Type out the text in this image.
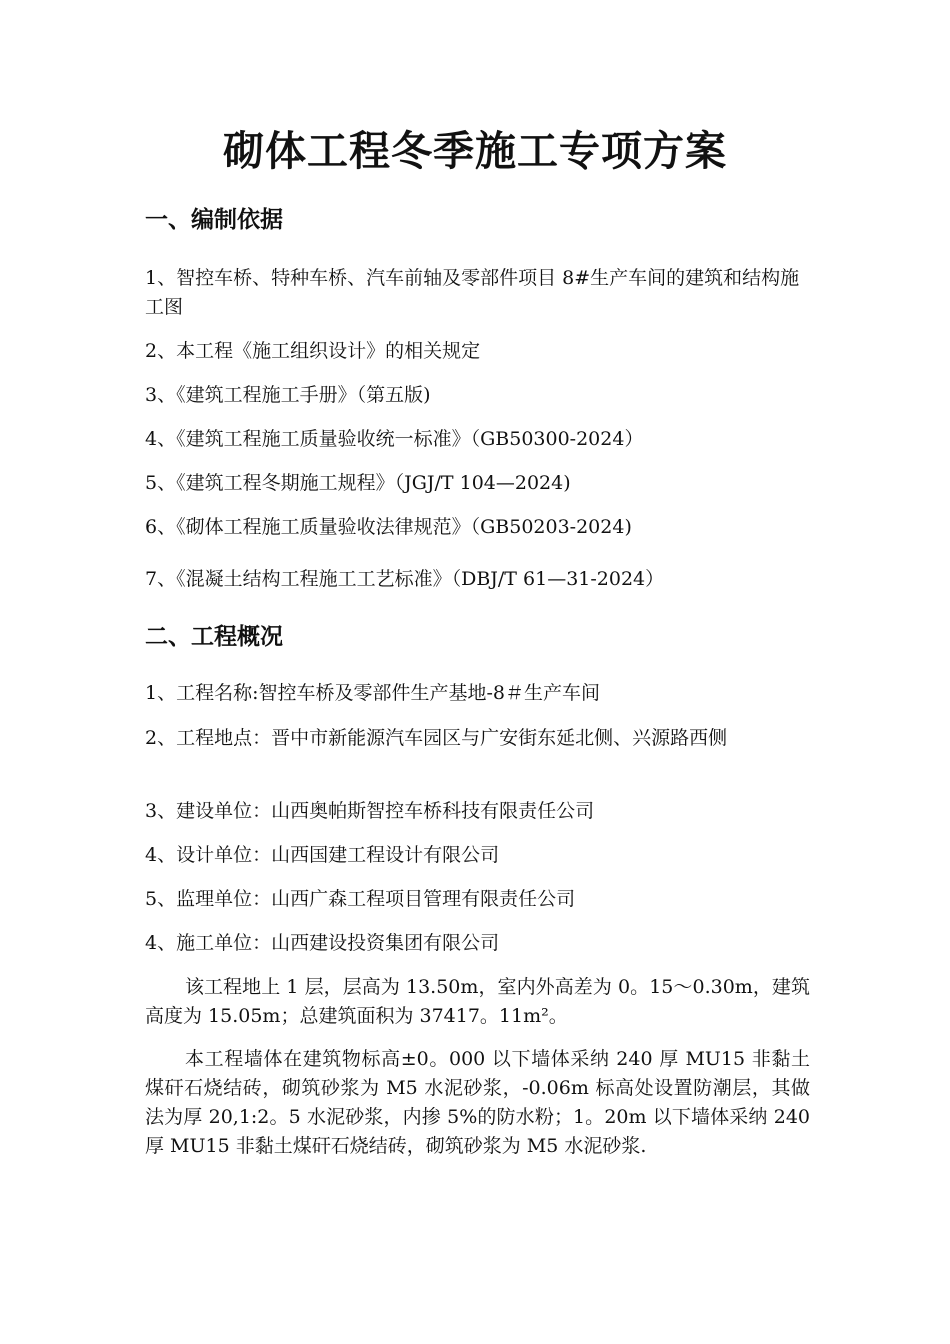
砌体工程冬季施工专项方案
一、编制依据
1、智控车桥、特种车桥、汽车前轴及零部件项目 8#生产车间的建筑和结构施工图
2、本工程《施工组织设计》的相关规定
3、《建筑工程施工手册》（第五版)
4、《建筑工程施工质量验收统一标准》（GB50300-2024）
5、《建筑工程冬期施工规程》（JGJ/T 104—2024)
6、《砌体工程施工质量验收法律规范》（GB50203-2024)
7、《混凝土结构工程施工工艺标准》（DBJ/T 61—31-2024）
二、工程概况
1、工程名称:智控车桥及零部件生产基地-8＃生产车间
2、工程地点：晋中市新能源汽车园区与广安街东延北侧、兴源路西侧
3、建设单位：山西奥帕斯智控车桥科技有限责任公司
4、设计单位：山西国建工程设计有限公司
5、监理单位：山西广森工程项目管理有限责任公司
4、施工单位：山西建设投资集团有限公司
该工程地上 1 层，层高为 13.50m，室内外高差为 0。15～0.30m，建筑高度为 15.05m；总建筑面积为 37417。11m²。
本工程墙体在建筑物标高±0。000 以下墙体采纳 240 厚 MU15 非黏土煤矸石烧结砖，砌筑砂浆为 M5 水泥砂浆，-0.06m 标高处设置防潮层，其做法为厚 20,1:2。5 水泥砂浆，内掺 5%的防水粉；1。20m 以下墙体采纳 240 厚 MU15 非黏土煤矸石烧结砖，砌筑砂浆为 M5 水泥砂浆.
